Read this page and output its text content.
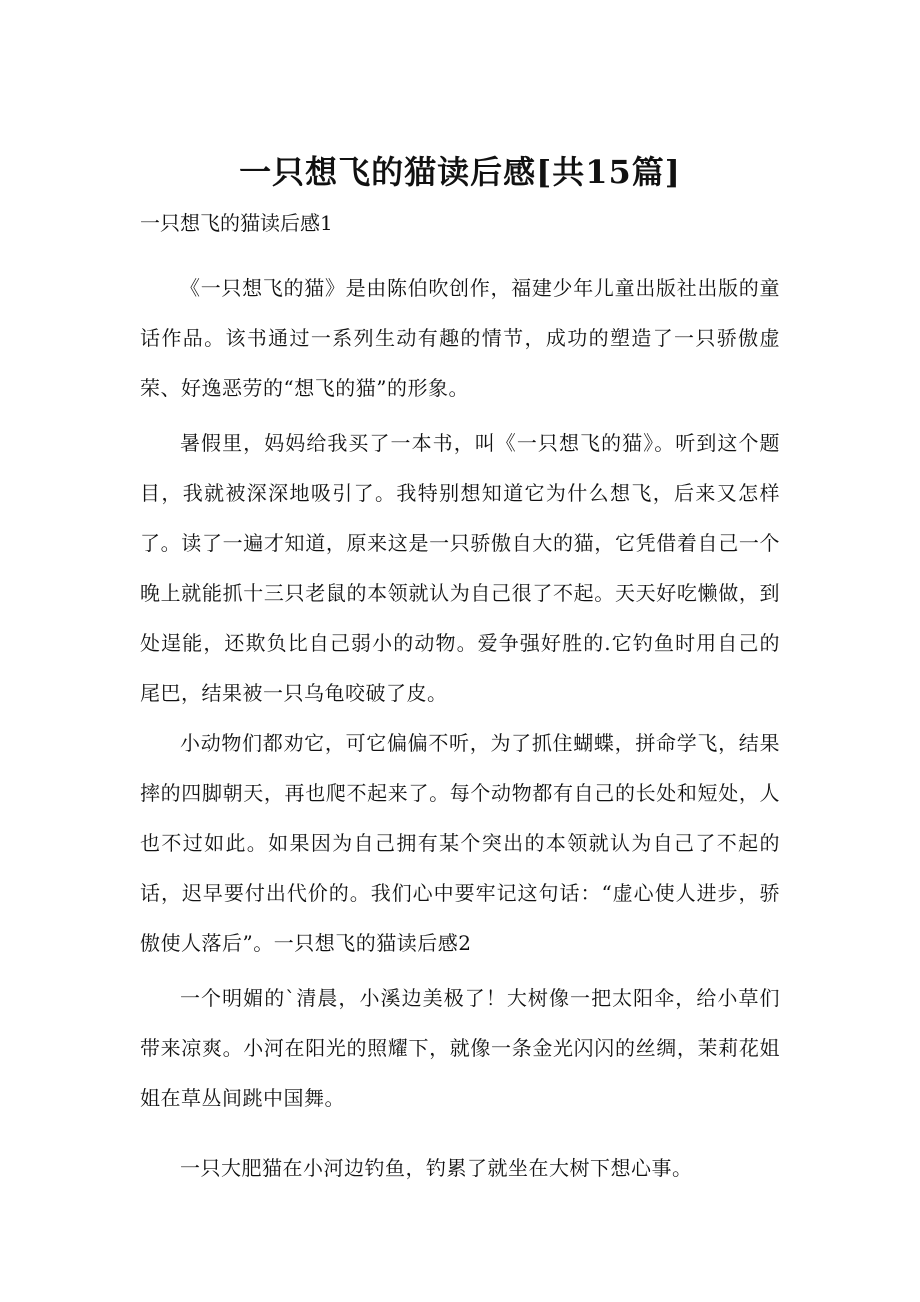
一只想飞的猫读后感[共15篇]
一只想飞的猫读后感1

《一只想飞的猫》是由陈伯吹创作，福建少年儿童出版社出版的童话作品。该书通过一系列生动有趣的情节，成功的塑造了一只骄傲虚荣、好逸恶劳的“想飞的猫”的形象。

暑假里，妈妈给我买了一本书，叫《一只想飞的猫》。听到这个题目，我就被深深地吸引了。我特别想知道它为什么想飞，后来又怎样了。读了一遍才知道，原来这是一只骄傲自大的猫，它凭借着自己一个晚上就能抓十三只老鼠的本领就认为自己很了不起。天天好吃懒做，到处逞能，还欺负比自己弱小的动物。爱争强好胜的.它钓鱼时用自己的尾巴，结果被一只乌龟咬破了皮。

小动物们都劝它，可它偏偏不听，为了抓住蝴蝶，拼命学飞，结果摔的四脚朝天，再也爬不起来了。每个动物都有自己的长处和短处，人也不过如此。如果因为自己拥有某个突出的本领就认为自己了不起的话，迟早要付出代价的。我们心中要牢记这句话：“虚心使人进步，骄傲使人落后”。一只想飞的猫读后感2

一个明媚的`清晨，小溪边美极了！大树像一把太阳伞，给小草们带来凉爽。小河在阳光的照耀下，就像一条金光闪闪的丝绸，茉莉花姐姐在草丛间跳中国舞。

一只大肥猫在小河边钓鱼，钓累了就坐在大树下想心事。
